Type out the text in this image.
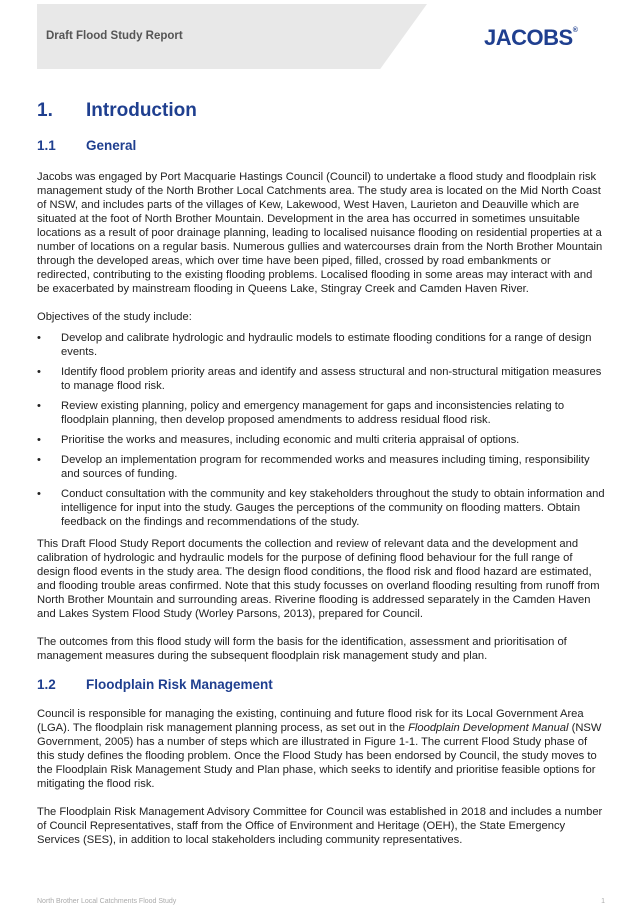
Draft Flood Study Report	JACOBS®
1.	Introduction
1.1	General

Jacobs was engaged by Port Macquarie Hastings Council (Council) to undertake a flood study and floodplain risk management study of the North Brother Local Catchments area. The study area is located on the Mid North Coast of NSW, and includes parts of the villages of Kew, Lakewood, West Haven, Laurieton and Deauville which are situated at the foot of North Brother Mountain. Development in the area has occurred in sometimes unsuitable locations as a result of poor drainage planning, leading to localised nuisance flooding on residential properties at a number of locations on a regular basis. Numerous gullies and watercourses drain from the North Brother Mountain through the developed areas, which over time have been piped, filled, crossed by road embankments or redirected, contributing to the existing flooding problems. Localised flooding in some areas may interact with and be exacerbated by mainstream flooding in Queens Lake, Stingray Creek and Camden Haven River.

Objectives of the study include:

• Develop and calibrate hydrologic and hydraulic models to estimate flooding conditions for a range of design events.
• Identify flood problem priority areas and identify and assess structural and non-structural mitigation measures to manage flood risk.
• Review existing planning, policy and emergency management for gaps and inconsistencies relating to floodplain planning, then develop proposed amendments to address residual flood risk.
• Prioritise the works and measures, including economic and multi criteria appraisal of options.
• Develop an implementation program for recommended works and measures including timing, responsibility and sources of funding.
• Conduct consultation with the community and key stakeholders throughout the study to obtain information and intelligence for input into the study. Gauges the perceptions of the community on flooding matters. Obtain feedback on the findings and recommendations of the study.

This Draft Flood Study Report documents the collection and review of relevant data and the development and calibration of hydrologic and hydraulic models for the purpose of defining flood behaviour for the full range of design flood events in the study area. The design flood conditions, the flood risk and flood hazard are estimated, and flooding trouble areas confirmed. Note that this study focusses on overland flooding resulting from runoff from North Brother Mountain and surrounding areas. Riverine flooding is addressed separately in the Camden Haven and Lakes System Flood Study (Worley Parsons, 2013), prepared for Council.

The outcomes from this flood study will form the basis for the identification, assessment and prioritisation of management measures during the subsequent floodplain risk management study and plan.

1.2	Floodplain Risk Management

Council is responsible for managing the existing, continuing and future flood risk for its Local Government Area (LGA). The floodplain risk management planning process, as set out in the Floodplain Development Manual (NSW Government, 2005) has a number of steps which are illustrated in Figure 1-1. The current Flood Study phase of this study defines the flooding problem. Once the Flood Study has been endorsed by Council, the study moves to the Floodplain Risk Management Study and Plan phase, which seeks to identify and prioritise feasible options for mitigating the flood risk.

The Floodplain Risk Management Advisory Committee for Council was established in 2018 and includes a number of Council Representatives, staff from the Office of Environment and Heritage (OEH), the State Emergency Services (SES), in addition to local stakeholders including community representatives.

North Brother Local Catchments Flood Study	1
